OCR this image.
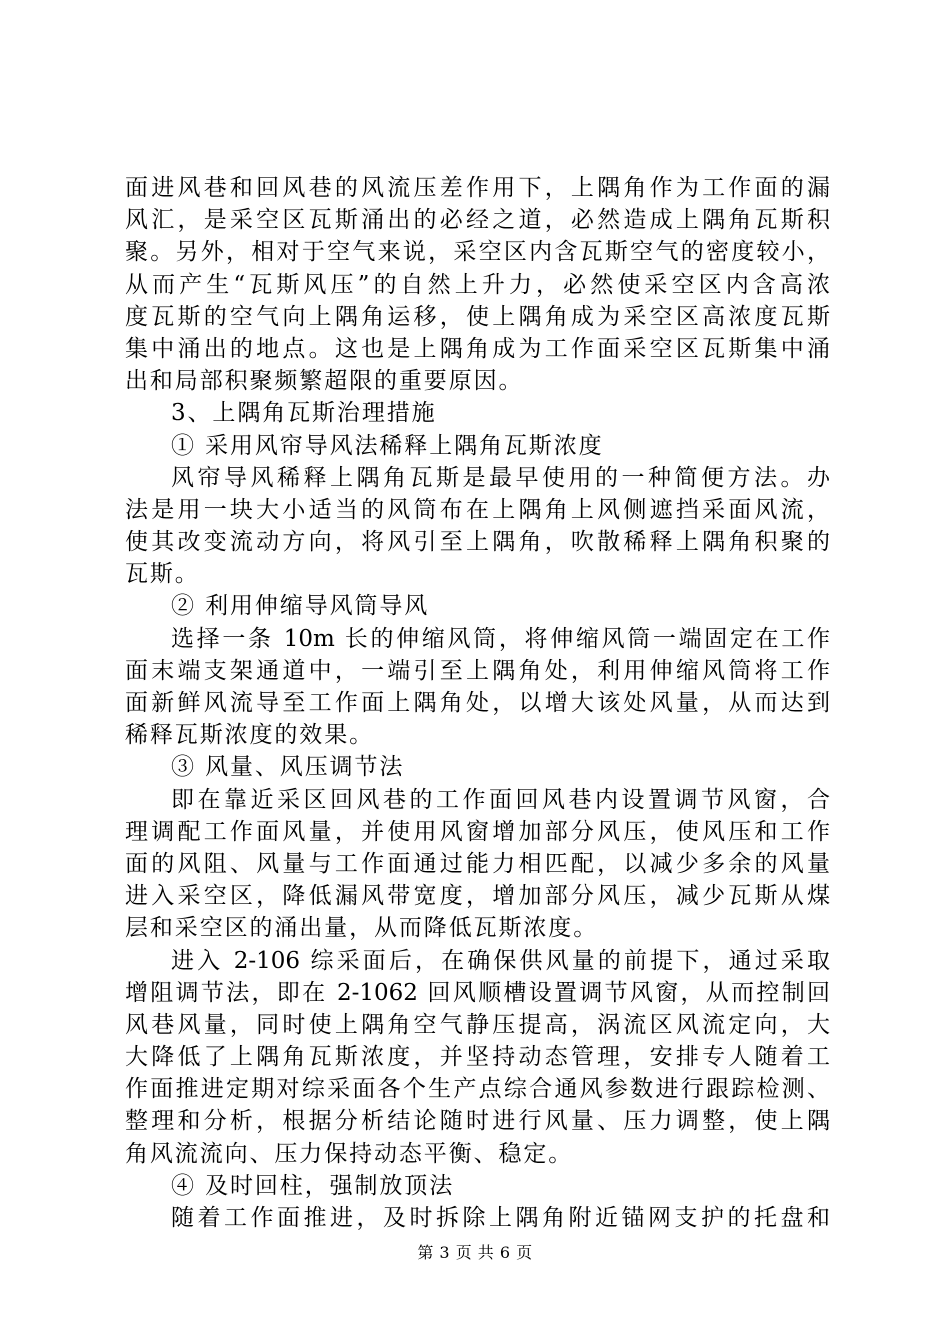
面进风巷和回风巷的风流压差作用下，上隅角作为工作面的漏
风汇，是采空区瓦斯涌出的必经之道，必然造成上隅角瓦斯积
聚。另外，相对于空气来说，采空区内含瓦斯空气的密度较小，
从而产生“瓦斯风压”的自然上升力，必然使采空区内含高浓
度瓦斯的空气向上隅角运移，使上隅角成为采空区高浓度瓦斯
集中涌出的地点。这也是上隅角成为工作面采空区瓦斯集中涌
出和局部积聚频繁超限的重要原因。
3、上隅角瓦斯治理措施
① 采用风帘导风法稀释上隅角瓦斯浓度
风帘导风稀释上隅角瓦斯是最早使用的一种简便方法。办
法是用一块大小适当的风筒布在上隅角上风侧遮挡采面风流，
使其改变流动方向，将风引至上隅角，吹散稀释上隅角积聚的
瓦斯。
② 利用伸缩导风筒导风
选择一条 10m 长的伸缩风筒，将伸缩风筒一端固定在工作
面末端支架通道中，一端引至上隅角处，利用伸缩风筒将工作
面新鲜风流导至工作面上隅角处，以增大该处风量，从而达到
稀释瓦斯浓度的效果。
③ 风量、风压调节法
即在靠近采区回风巷的工作面回风巷内设置调节风窗，合
理调配工作面风量，并使用风窗增加部分风压，使风压和工作
面的风阻、风量与工作面通过能力相匹配，以减少多余的风量
进入采空区，降低漏风带宽度，增加部分风压，减少瓦斯从煤
层和采空区的涌出量，从而降低瓦斯浓度。
进入 2-106 综采面后，在确保供风量的前提下，通过采取
增阻调节法，即在 2-1062 回风顺槽设置调节风窗，从而控制回
风巷风量，同时使上隅角空气静压提高，涡流区风流定向，大
大降低了上隅角瓦斯浓度，并坚持动态管理，安排专人随着工
作面推进定期对综采面各个生产点综合通风参数进行跟踪检测、
整理和分析，根据分析结论随时进行风量、压力调整，使上隅
角风流流向、压力保持动态平衡、稳定。
④ 及时回柱，强制放顶法
随着工作面推进，及时拆除上隅角附近锚网支护的托盘和
第 3 页 共 6 页
